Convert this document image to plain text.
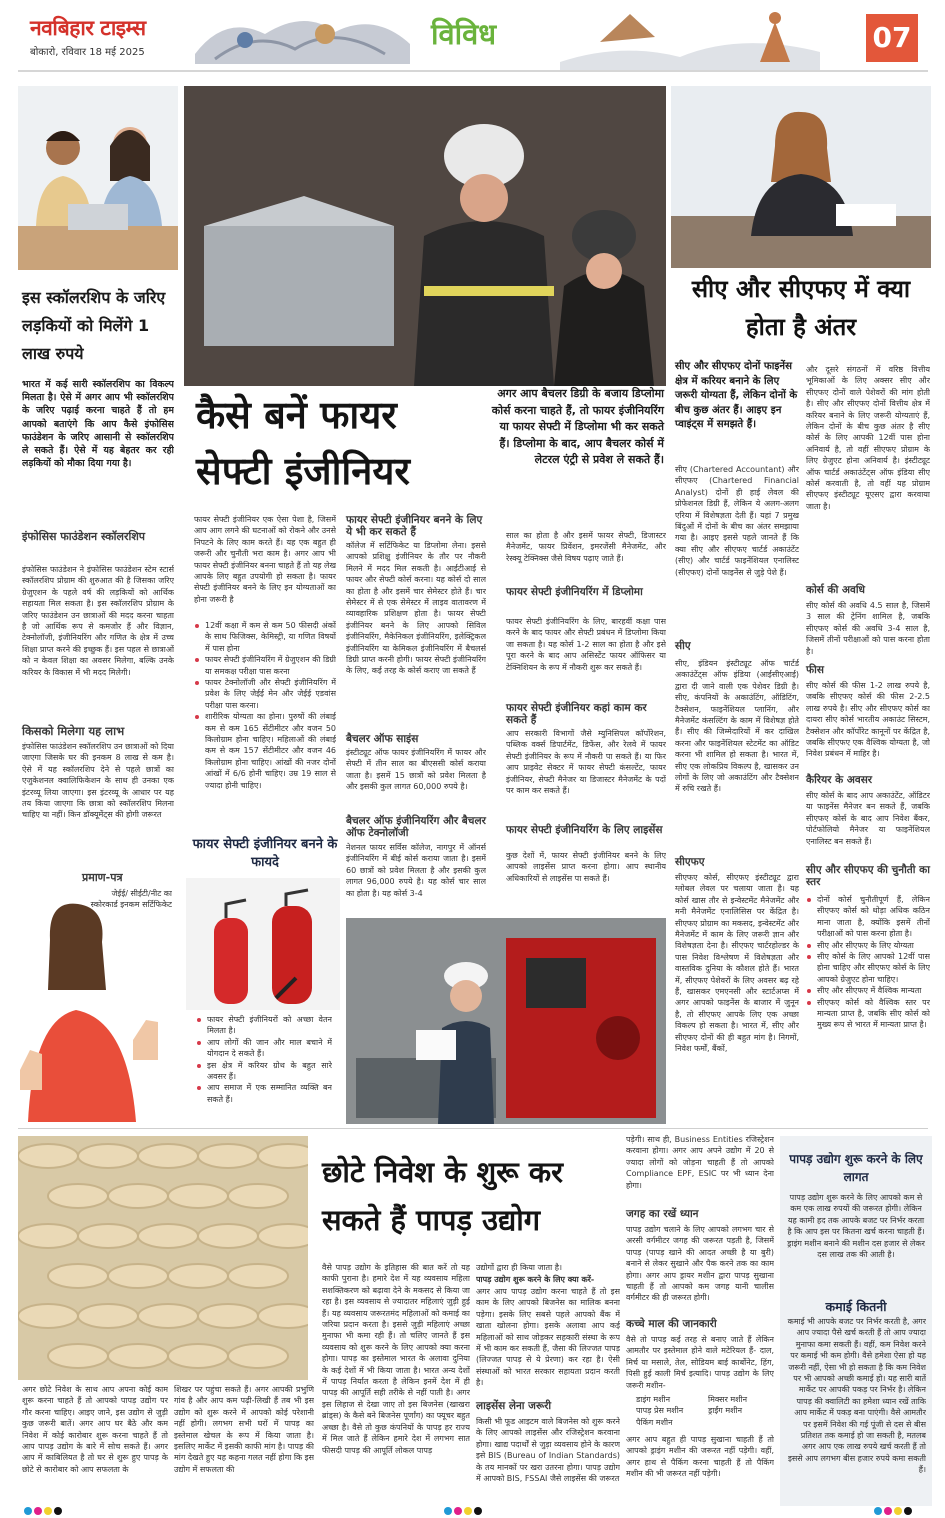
नवबिहार टाइम्स
बोकारो, रविवार 18 मई 2025
विविध	07
इस स्कॉलरशिप के जरिए लड़कियों को मिलेंगे 1 लाख रुपये
भारत में कई सारी स्कॉलरशिप का विकल्प मिलता है। ऐसे में अगर आप भी स्कॉलरशिप के जरिए पढ़ाई करना चाहते हैं तो हम आपको बताएंगे कि आप कैसे इंफोसिस फाउंडेशन के जरिए आसानी से स्कॉलरशिप ले सकते हैं। ऐसे में यह बेहतर कर रही लड़कियों को मौका दिया गया है।
इंफोसिस फाउंडेशन स्कॉलरशिप
इंफोसिस फाउंडेशन ने इंफोसिस फाउंडेशन स्टेम स्टार्स स्कॉलरशिप प्रोग्राम की शुरुआत की है जिसका जरिए ग्रेजुएशन के पहले वर्ष की लड़कियों को आर्थिक सहायता मिल सकता है। इस स्कॉलरशिप प्रोग्राम के जरिए फाउंडेशन उन छात्राओं की मदद करना चाहता है जो आर्थिक रूप से कमजोर हैं और विज्ञान, टेक्नोलॉजी, इंजीनियरिंग और गणित के क्षेत्र में उच्च शिक्षा प्राप्त करने की इच्छुक हैं। इस पहल से छात्राओं को न केवल शिक्षा का अवसर मिलेगा, बल्कि उनके करियर के विकास में भी मदद मिलेगी।
किसको मिलेगा यह लाभ
इंफोसिस फाउंडेशन स्कॉलरशिप उन छात्राओं को दिया जाएगा जिसके घर की इनकम 8 लाख से कम है। ऐसे में यह स्कॉलरशिप देने से पहले छात्रों का एजुकेशनल क्वालिफिकेशन के साथ ही उनका एक इंटरव्यू लिया जाएगा। इस इंटरव्यू के आधार पर यह तय किया जाएगा कि छात्रा को स्कॉलरशिप मिलना चाहिए या नहीं। किन डॉक्यूमेंट्स की होगी जरूरत
प्रमाण-पत्र
जेईई/ सीईटी/नीट का स्कोरकार्ड इनकम सर्टिफिकेट
कैसे बनें फायर
सेफ्टी इंजीनियर
अगर आप बैचलर डिग्री के बजाय डिप्लोमा कोर्स करना चाहते हैं, तो फायर इंजीनियरिंग या फायर सेफ्टी में डिप्लोमा भी कर सकते हैं। डिप्लोमा के बाद, आप बैचलर कोर्स में लेटरल एंट्री से प्रवेश ले सकते हैं।
फायर सेफ्टी इंजीनियर एक ऐसा पेशा है, जिसमें आप आग लगने की घटनाओं को रोकने और उनसे निपटने के लिए काम करते हैं। यह एक बहुत ही जरूरी और चुनौती भरा काम है। अगर आप भी फायर सेफ्टी इंजीनियर बनना चाहते हैं तो यह लेख आपके लिए बहुत उपयोगी हो सकता है। फायर सेफ्टी इंजीनियर बनने के लिए इन योग्यताओं का होना जरूरी है
12वीं कक्षा में कम से कम 50 फीसदी अंकों के साथ फिजिक्स, केमिस्ट्री, या गणित विषयों में पास होना
फायर सेफ्टी इंजीनियरिंग में ग्रेजुएशन की डिग्री या समकक्ष परीक्षा पास करना
फायर टेक्नोलॉजी और सेफ्टी इंजीनियरिंग में प्रवेश के लिए जेईई मेन और जेईई एडवांस परीक्षा पास करना।
शारीरिक योग्यता का होना। पुरुषों की लंबाई कम से कम 165 सेंटीमीटर और वजन 50 किलोग्राम होना चाहिए। महिलाओं की लंबाई कम से कम 157 सेंटीमीटर और वजन 46 किलोग्राम होना चाहिए। आंखों की नजर दोनों आंखों में 6/6 होनी चाहिए। उम्र 19 साल से ज्यादा होनी चाहिए।
फायर सेफ्टी इंजीनियर बनने के लिए ये भी कर सकते हैं
कॉलेज में सर्टिफिकेट या डिप्लोमा लेना। इससे आपको प्रशिक्षु इंजीनियर के तौर पर नौकरी मिलने में मदद मिल सकती है। आईटीआई से फायर और सेफ्टी कोर्स करना। यह कोर्स दो साल का होता है और इसमें चार सेमेस्टर होते हैं। चार सेमेस्टर में से एक सेमेस्टर में लाइव वातावरण में व्यावहारिक प्रशिक्षण होता है। फायर सेफ्टी इंजीनियर बनने के लिए आपको सिविल इंजीनियरिंग, मैकेनिकल इंजीनियरिंग, इलेक्ट्रिकल इंजीनियरिंग या केमिकल इंजीनियरिंग में बैचलर्स डिग्री प्राप्त करनी होगी। फायर सेफ्टी इंजीनियरिंग के लिए, कई तरह के कोर्स कराए जा सकते हैं
बैचलर ऑफ साइंस
इंस्टीट्यूट ऑफ फायर इंजीनियरिंग में फायर और सेफ्टी में तीन साल का बीएससी कोर्स कराया जाता है। इसमें 15 छात्रों को प्रवेश मिलता है और इसकी कुल लागत 60,000 रुपये है।
बैचलर ऑफ इंजीनियरिंग और बैचलर ऑफ टेक्नोलॉजी
नेशनल फायर सर्विस कॉलेज, नागपुर में ऑनर्स इंजीनियरिंग में बीई कोर्स कराया जाता है। इसमें 60 छात्रों को प्रवेश मिलता है और इसकी कुल लागत 96,000 रुपये है। यह कोर्स चार साल का होता है। यह कोर्स 3-4
साल का होता है और इसमें फायर सेफ्टी, डिजास्टर मैनेजमेंट, फायर प्रिवेंशन, इमरजेंसी मैनेजमेंट, और रेस्क्यू टेक्निक्स जैसे विषय पढ़ाए जाते हैं।
फायर सेफ्टी इंजीनियरिंग में डिप्लोमा
फायर सेफ्टी इंजीनियरिंग के लिए, बारहवीं कक्षा पास करने के बाद फायर और सेफ्टी प्रबंधन में डिप्लोमा किया जा सकता है। यह कोर्स 1-2 साल का होता है और इसे पूरा करने के बाद आप असिस्टेंट फायर ऑफिसर या टेक्निशियन के रूप में नौकरी शुरू कर सकते हैं।
फायर सेफ्टी इंजीनियर कहां काम कर सकते हैं
आप सरकारी विभागों जैसे म्युनिसिपल कॉर्पोरेशन, पब्लिक वर्क्स डिपार्टमेंट, डिफेंस, और रेलवे में फायर सेफ्टी इंजीनियर के रूप में नौकरी पा सकते हैं। या फिर आप प्राइवेट सेक्टर में फायर सेफ्टी कंसल्टेंट, फायर इंजीनियर, सेफ्टी मैनेजर या डिजास्टर मैनेजमेंट के पदों पर काम कर सकते हैं।
फायर सेफ्टी इंजीनियरिंग के लिए लाइसेंस
कुछ देशों में, फायर सेफ्टी इंजीनियर बनने के लिए आपको लाइसेंस प्राप्त करना होगा। आप स्थानीय अधिकारियों से लाइसेंस पा सकते हैं।
फायर सेफ्टी इंजीनियर बनने के फायदे
फायर सेफ्टी इंजीनियरों को अच्छा वेतन मिलता है।
आप लोगों की जान और माल बचाने में योगदान दे सकते हैं।
इस क्षेत्र में करियर ग्रोथ के बहुत सारे अवसर हैं।
आप समाज में एक सम्मानित व्यक्ति बन सकते हैं।
सीए और सीएफए में क्या होता है अंतर
सीए और सीएफए दोनों फाइनेंस क्षेत्र में करियर बनाने के लिए जरूरी योग्यता हैं, लेकिन दोनों के बीच कुछ अंतर हैं। आइए इन प्वाइंट्स में समझते हैं।
सीए (Chartered Accountant) और सीएफए (Chartered Financial Analyst) दोनों ही हाई लेवल की प्रोफेशनल डिग्री हैं, लेकिन ये अलग-अलग एरिया में विशेषज्ञता देती हैं। यहां 7 प्रमुख बिंदुओं में दोनों के बीच का अंतर समझाया गया है। आइए इससे पहले जानते हैं कि क्या सीए और सीएफए चार्टर्ड अकाउंटेंट (सीए) और चार्टर्ड फाइनेंशियल एनालिस्ट (सीएफए) दोनों फाइनेंस से जुड़े पेशे हैं।
सीए
सीए, इंडियन इंस्टीट्यूट ऑफ चार्टर्ड अकाउंटेंट्स ऑफ इंडिया (आईसीएआई) द्वारा दी जाने वाली एक पेशेवर डिग्री है। सीए, कंपनियों के अकाउंटिंग, ऑडिटिंग, टैक्सेशन, फाइनेंशियल प्लानिंग, और मैनेजमेंट कंसल्टिंग के काम में विशेषज्ञ होते हैं। सीए की जिम्मेदारियों में कर दाखिल करना और फाइनेंशियल स्टेटमेंट का ऑडिट करना भी शामिल हो सकता है। भारत में, सीए एक लोकप्रिय विकल्प है, खासकर उन लोगों के लिए जो अकाउंटिंग और टैक्सेशन में रुचि रखते हैं।
सीएफए
सीएफए कोर्स, सीएफए इंस्टीट्यूट द्वारा ग्लोबल लेवल पर चलाया जाता है। यह कोर्स खास तौर से इन्वेस्टमेंट मैनेजमेंट और मनी मैनेजमेंट एनालिसिस पर केंद्रित है। सीएफए प्रोग्राम का मकसद, इन्वेस्टमेंट और मैनेजमेंट में काम के लिए जरूरी ज्ञान और विशेषज्ञता देना है। सीएफए चार्टरहोल्डर के पास निवेश विश्लेषण में विशेषज्ञता और वास्तविक दुनिया के कौशल होते हैं। भारत में, सीएफए पेशेवरों के लिए अवसर बढ़ रहे हैं, खासकर एमएनसी और स्टार्टअप्स में अगर आपको फाइनेंस के बाजार में जुनून है, तो सीएफए आपके लिए एक अच्छा विकल्प हो सकता है। भारत में, सीए और सीएफए दोनों की ही बहुत मांग है। निगमों, निवेश फर्मों, बैंकों,
और दूसरे संगठनों में वरिष्ठ वित्तीय भूमिकाओं के लिए अक्सर सीए और सीएफए दोनों वाले पेशेवरों की मांग होती है। सीए और सीएफए दोनों वित्तीय क्षेत्र में करियर बनाने के लिए जरूरी योग्यताएं हैं, लेकिन दोनों के बीच कुछ अंतर है सीए कोर्स के लिए आपकी 12वीं पास होना अनिवार्य है, तो वहीं सीएफए प्रोग्राम के लिए ग्रेजुएट होना अनिवार्य है। इंस्टीट्यूट ऑफ चार्टर्ड अकाउंटेंट्स ऑफ इंडिया सीए कोर्स करवाती है, तो वहीं यह प्रोग्राम सीएफए इंस्टीट्यूट यूएसए द्वारा करवाया जाता है।
कोर्स की अवधि
सीए कोर्स की अवधि 4.5 साल है, जिसमें 3 साल की ट्रेनिंग शामिल है, जबकि सीएफए कोर्स की अवधि 3-4 साल है, जिसमें तीनों परीक्षाओं को पास करना होता है।
फीस
सीए कोर्स की फीस 1-2 लाख रुपये है, जबकि सीएफए कोर्स की फीस 2-2.5 लाख रुपये है। सीए और सीएफए कोर्स का दायरा सीए कोर्स भारतीय अकाउंट सिस्टम, टैक्सेशन और कॉर्पोरेट कानूनों पर केंद्रित है, जबकि सीएफए एक वैश्विक योग्यता है, जो निवेश प्रबंधन में माहिर है।
कैरियर के अवसर
सीए कोर्स के बाद आप अकाउंटेंट, ऑडिटर या फाइनेंस मैनेजर बन सकते हैं, जबकि सीएफए कोर्स के बाद आप निवेश बैंकर, पोर्टफोलियो मैनेजर या फाइनेंशियल एनालिस्ट बन सकते हैं।
सीए और सीएफए की चुनौती का स्तर
दोनों कोर्स चुनौतीपूर्ण हैं, लेकिन सीएफए कोर्स को थोड़ा अधिक कठिन माना जाता है, क्योंकि इसमें तीनों परीक्षाओं को पास करना होता है।
सीए और सीएफए के लिए योग्यता
सीए कोर्स के लिए आपको 12वीं पास होना चाहिए और सीएफए कोर्स के लिए आपको ग्रेजुएट होना चाहिए।
सीए और सीएफए में वैश्विक मान्यता
सीएफए कोर्स को वैश्विक स्तर पर मान्यता प्राप्त है, जबकि सीए कोर्स को मुख्य रूप से भारत में मान्यता प्राप्त है।
छोटे निवेश के शुरू कर सकते हैं पापड़ उद्योग
अगर छोटे निवेश के साथ आप अपना कोई काम शुरू करना चाहते हैं तो आपको पापड़ उद्योग पर गौर करना चाहिए। आइए जाने, इस उद्योग से जुड़ी कुछ जरूरी बातें। अगर आप घर बैठे और कम निवेश में कोई कारोबार शुरू करना चाहते हैं तो आप पापड़ उद्योग के बारे में सोच सकते हैं। अगर आप में काबिलियत है तो घर से शुरू हुए पापड़ के छोटे से कारोबार को आप सफलता के
शिखर पर पहुंचा सकते हैं। अगर आपकी प्रभुणि गांव है और आप कम पढ़ी-लिखी हैं तब भी इस उद्योग को शुरू करने में आपको कोई परेशानी नहीं होगी। लगभग सभी घरों में पापड़ का इस्तेमाल खेचल के रूप में किया जाता है। इसलिए मार्केट में इसकी काफी मांग है। पापड़ की मांग देखते हुए यह कहना गलत नहीं होगा कि इस उद्योग में सफलता की
वैसे पापड़ उद्योग के इतिहास की बात करें तो यह काफी पुराना है। हमारे देश में यह व्यवसाय महिला सशक्तिकरण को बढ़ावा देने के मकसद से किया जा रहा है। इस व्यवसाय से ज्यादातर महिलाएं जुड़ी हुई हैं। यह व्यवसाय जरूरतमंद महिलाओं को कमाई का जरिया प्रदान करता है। इससे जुड़ी महिलाएं अच्छा मुनाफा भी कमा रही हैं। तो चलिए जानते हैं इस व्यवसाय को शुरू करने के लिए आपको क्या करना होगा। पापड़ का इस्तेमाल भारत के अलावा दुनिया के कई देशों में भी किया जाता है। भारत अन्य देशों में पापड़ निर्यात करता है लेकिन इनमें देश में ही पापड़ की आपूर्ति सही तरीके से नहीं पाती है। अगर इस लिहाज से देखा जाए तो इस बिजनेस (खाखरा ब्रांड्स) के कैसे बने बिजनेस पूर्णांग) का फ्यूचर बहुत अच्छा है। वैसे तो कुछ कंपनियों के पापड़ हर राज्य में मिल जाते हैं लेकिन हमारे देश में लगभग सात फीसदी पापड़ की आपूर्ति लोकल पापड़
उद्योगों द्वारा ही किया जाता है।
पापड़ उद्योग शुरू करने के लिए क्या करें-
अगर आप पापड़ उद्योग करना चाहते हैं तो इस काम के लिए आपको बिजनेस का मालिक बनना पड़ेगा। इसके लिए सबसे पहले आपको बैंक में खाता खोलना होगा। इसके अलावा आप कई महिलाओं को साथ जोड़कर सहकारी संस्था के रूप में भी काम कर सकती हैं, जैसा की लिज्जत पापड़ (लिज्जत पापड़ से ये प्रेरणा) कर रहा है। ऐसी संस्थाओं को भारत सरकार सहायता प्रदान करती है।
लाइसेंस लेना जरूरी
किसी भी फूड आइटम वाले बिजनेस को शुरू करने के लिए आपको लाइसेंस और रजिस्ट्रेशन करवाना होगा। खाद्य पदार्थों से जुड़ा व्यवसाय होने के कारण इसे BIS (Bureau of Indian Standards) के तय मानकों पर खरा उतरना होगा। पापड़ उद्योग में आपको BIS, FSSAI जैसे लाइसेंस की जरूरत
पड़ेगी। साथ ही, Business Entities रजिस्ट्रेशन करवाना होगा। अगर आप अपने उद्योग में 20 से ज्यादा लोगों को जोड़ना चाहती हैं तो आपको Compliance EPF, ESIC पर भी ध्यान देना होगा।
जगह का रखें ध्यान
पापड़ उद्योग चलाने के लिए आपको लगभग चार से अरसी वर्गमीटर जगह की जरूरत पड़ती है, जिसमें पापड़ (पापड़ खाने की आदत अच्छी है या बुरी) बनाने से लेकर सुखाने और पैक करने तक का काम होगा। अगर आप ड्रायर मशीन द्वारा पापड़ सुखाना चाहती हैं तो आपको कम जगह यानी चालीस वर्गमीटर की ही जरूरत होगी।
कच्चे माल की जानकारी
वैसे तो पापड़ कई तरह से बनाए जाते हैं लेकिन आमतौर पर इस्तेमाल होने वाले मटेरियल हैं- दाल, मिर्च या मसाले, तेल, सोडियम बाई कार्बोनेट, हिंग, पिसी हुई काली मिर्च इत्यादि। पापड़ उद्योग के लिए जरूरी मशीन-
डाइंग मशीन	मिक्सर मशीन
पापड़ प्रेस मशीन	ड्राईंग मशीन
पैकिंग मशीन
अगर आप बहुत ही पापड़ सुखाना चाहती हैं तो आपको ड्राइंग मशीन की जरूरत नहीं पड़ेगी। वहीं, अगर हाथ से पैकिंग करना चाहती हैं तो पैकिंग मशीन की भी जरूरत नहीं पड़ेगी।
पापड़ उद्योग शुरू करने के लिए लागत
पापड़ उद्योग शुरू करने के लिए आपको कम से कम एक लाख रुपयों की जरूरत होगी। लेकिन यह कामी हद तक आपके बजट पर निर्भर करता है कि आप इस पर कितना खर्च करना चाहती हैं। ड्राइंग मशीन बनाने की मशीन दस हजार से लेकर दस लाख तक की आती है।
कमाई कितनी
कमाई भी आपके बजट पर निर्भर करती है, अगर आप ज्यादा पैसे खर्च करती हैं तो आप ज्यादा मुनाफा कमा सकती हैं। वहीं, कम निवेश करने पर कमाई भी कम होगी। वैसे हमेशा ऐसा हो यह जरूरी नहीं, ऐसा भी हो सकता है कि कम निवेश पर भी आपको अच्छी कमाई हो। यह सारी बातें मार्केट पर आपकी पकड़ पर निर्भर है। लेकिन पापड़ की क्वालिटी का हमेशा ध्यान रखें ताकि आप मार्केट में पकड़ बना पाएंगी। वैसे आमतौर पर इसमें निवेश की गई पूंजी से दस से बीस प्रतिशत तक कमाई हो जा सकती है, मतलब अगर आप एक लाख रुपये खर्च करती हैं तो इससे आप लगभग बीस हजार रुपये कमा सकती हैं।
